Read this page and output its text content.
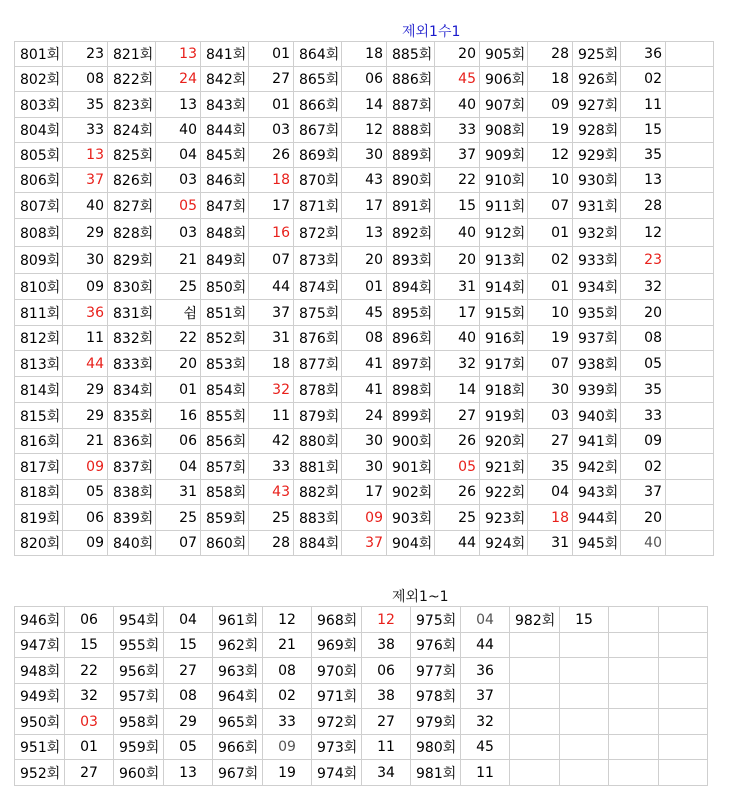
제외1수1
801회	23	821회	13	841회	01	864회	18	885회	20	905회	28	925회	36	
802회	08	822회	24	842회	27	865회	06	886회	45	906회	18	926회	02	
803회	35	823회	13	843회	01	866회	14	887회	40	907회	09	927회	11	
804회	33	824회	40	844회	03	867회	12	888회	33	908회	19	928회	15	
805회	13	825회	04	845회	26	869회	30	889회	37	909회	12	929회	35	
806회	37	826회	03	846회	18	870회	43	890회	22	910회	10	930회	13	
807회	40	827회	05	847회	17	871회	17	891회	15	911회	07	931회	28	
808회	29	828회	03	848회	16	872회	13	892회	40	912회	01	932회	12	
809회	30	829회	21	849회	07	873회	20	893회	20	913회	02	933회	23	
810회	09	830회	25	850회	44	874회	01	894회	31	914회	01	934회	32	
811회	36	831회	쉼	851회	37	875회	45	895회	17	915회	10	935회	20	
812회	11	832회	22	852회	31	876회	08	896회	40	916회	19	937회	08	
813회	44	833회	20	853회	18	877회	41	897회	32	917회	07	938회	05	
814회	29	834회	01	854회	32	878회	41	898회	14	918회	30	939회	35	
815회	29	835회	16	855회	11	879회	24	899회	27	919회	03	940회	33	
816회	21	836회	06	856회	42	880회	30	900회	26	920회	27	941회	09	
817회	09	837회	04	857회	33	881회	30	901회	05	921회	35	942회	02	
818회	05	838회	31	858회	43	882회	17	902회	26	922회	04	943회	37	
819회	06	839회	25	859회	25	883회	09	903회	25	923회	18	944회	20	
820회	09	840회	07	860회	28	884회	37	904회	44	924회	31	945회	40	
제외1~1
946회	06	954회	04	961회	12	968회	12	975회	04	982회	15		
947회	15	955회	15	962회	21	969회	38	976회	44				
948회	22	956회	27	963회	08	970회	06	977회	36				
949회	32	957회	08	964회	02	971회	38	978회	37				
950회	03	958회	29	965회	33	972회	27	979회	32				
951회	01	959회	05	966회	09	973회	11	980회	45				
952회	27	960회	13	967회	19	974회	34	981회	11				
